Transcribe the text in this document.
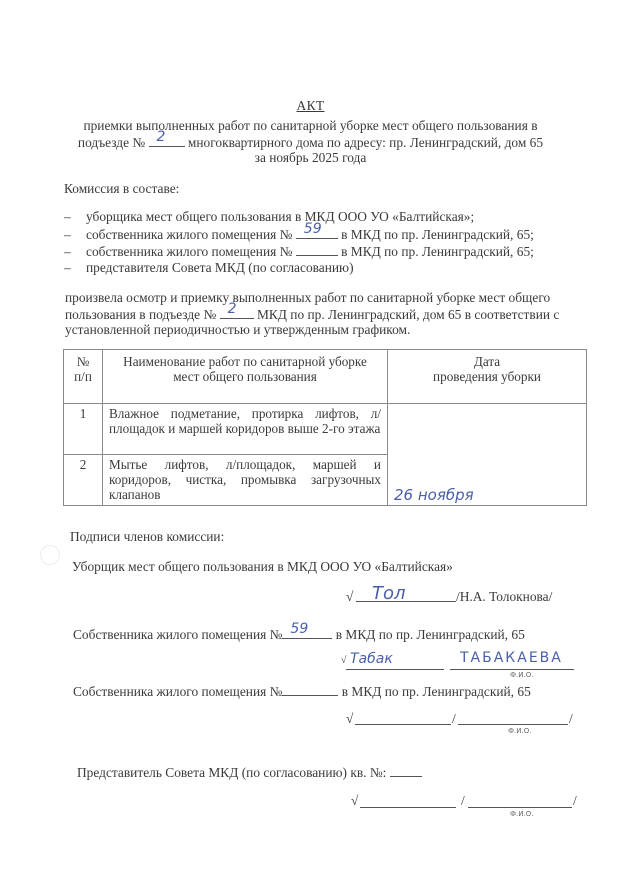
АКТ
приемки выполненных работ по санитарной уборке мест общего пользования в
подъезде № 2 многоквартирного дома по адресу: пр. Ленинградский, дом 65
за ноябрь 2025 года
Комиссия в составе:
– уборщика мест общего пользования в МКД ООО УО «Балтийская»;
– собственника жилого помещения № 59 в МКД по пр. Ленинградский, 65;
– собственника жилого помещения №	в МКД по пр. Ленинградский, 65;
– представителя Совета МКД (по согласованию)
произвела осмотр и приемку выполненных работ по санитарной уборке мест общего
пользования в подъезде № 2 МКД по пр. Ленинградский, дом 65 в соответствии с
установленной периодичностью и утвержденным графиком.
№
п/п

Наименование работ по санитарной уборке
мест общего пользования

Дата
проведения уборки

1	Влажное подметание, протирка лифтов, л/площадок и маршей коридоров выше 2-го этажа	26 ноября

2	Мытье лифтов, л/площадок, маршей и коридоров, чистка, промывка загрузочных клапанов	
Подписи членов комиссии:
Уборщик мест общего пользования в МКД ООО УО «Балтийская»
√ Тол	/Н.А. Толокнова/
Собственника жилого помещения № 59 в МКД по пр. Ленинградский, 65
√ Табак	ТАБАКАЕВА
Ф.И.О.
Собственника жилого помещения №	в МКД по пр. Ленинградский, 65
√	/	/
Ф.И.О.
Представитель Совета МКД (по согласованию) кв. №:
√	/	/
Ф.И.О.
